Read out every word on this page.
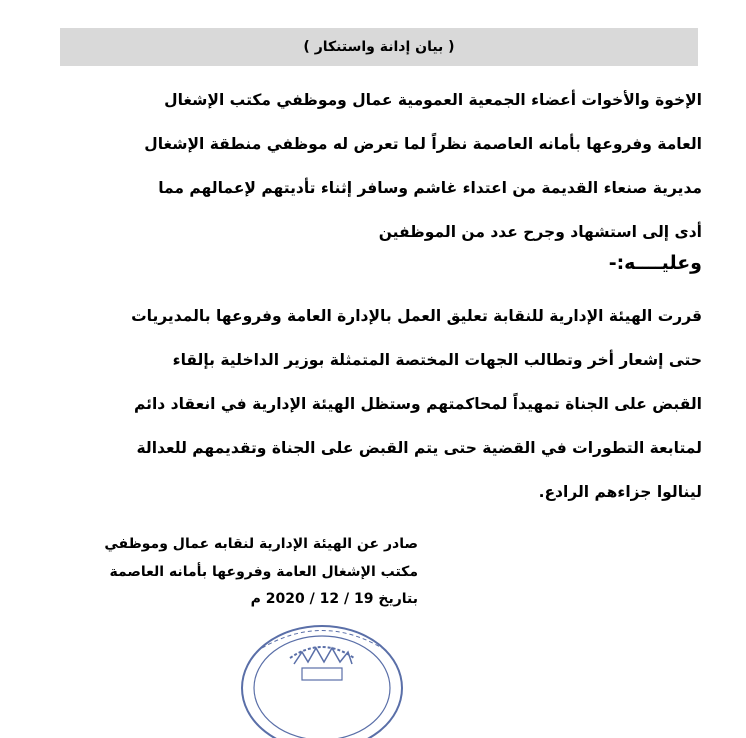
( بيان إدانة واستنكار )
الإخوة والأخوات أعضاء الجمعية العمومية عمال وموظفي مكتب الإشغال
العامة وفروعها بأمانه العاصمة نظراً لما تعرض له موظفي منطقة الإشغال
مديرية صنعاء القديمة من اعتداء غاشم وسافر إثناء تأديتهم لإعمالهم مما
أدى إلى استشهاد وجرح عدد من الموظفين
وعليــــه:-
قررت الهيئة الإدارية للنقابة تعليق العمل بالإدارة العامة وفروعها بالمديريات
حتى إشعار أخر وتطالب الجهات المختصة المتمثلة بوزير الداخلية بإلقاء
القبض على الجناة تمهيداً لمحاكمتهم وستظل الهيئة الإدارية في انعقاد دائم
لمتابعة التطورات في القضية حتى يتم القبض على الجناة وتقديمهم للعدالة
لينالوا جزاءهم الرادع.
صادر عن الهيئة الإدارية لنقابه عمال وموظفي
مكتب الإشغال العامة وفروعها بأمانه العاصمة
بتاريخ 19 / 12 / 2020 م
